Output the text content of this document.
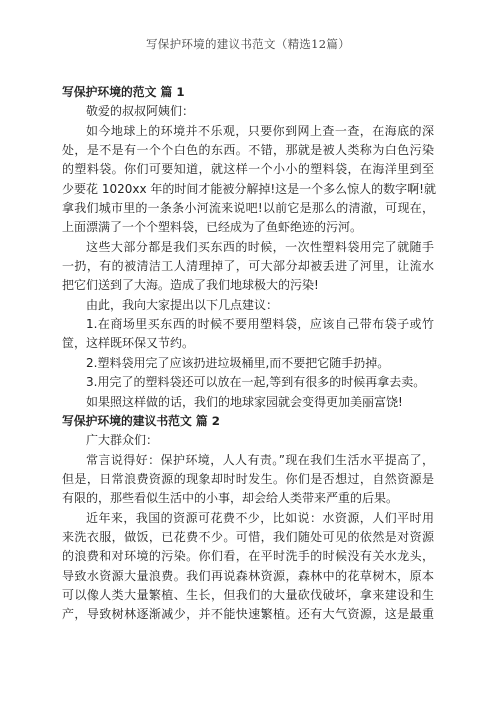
写保护环境的建议书范文（精选12篇）
写保护环境的范文 篇 1
敬爱的叔叔阿姨们：
如今地球上的环境并不乐观，只要你到网上查一查，在海底的深
处，是不是有一个个白色的东西。不错，那就是被人类称为白色污染
的塑料袋。你们可要知道，就这样一个小小的塑料袋，在海洋里到至
少要花 1020xx 年的时间才能被分解掉!这是一个多么惊人的数字啊!就
拿我们城市里的一条条小河流来说吧!以前它是那么的清澈，可现在，
上面漂满了一个个塑料袋，已经成为了鱼虾绝迹的污河。
这些大部分都是我们买东西的时候，一次性塑料袋用完了就随手
一扔，有的被清洁工人清理掉了，可大部分却被丢进了河里，让流水
把它们送到了大海。造成了我们地球极大的污染!
由此，我向大家提出以下几点建议：
1.在商场里买东西的时候不要用塑料袋，应该自己带布袋子或竹
筐，这样既环保又节约。
2.塑料袋用完了应该扔进垃圾桶里,而不要把它随手扔掉。
3.用完了的塑料袋还可以放在一起,等到有很多的时候再拿去卖。
如果照这样做的话，我们的地球家园就会变得更加美丽富饶!
写保护环境的建议书范文 篇 2
广大群众们：
常言说得好：保护环境，人人有责。”现在我们生活水平提高了，
但是，日常浪费资源的现象却时时发生。你们是否想过，自然资源是
有限的，那些看似生活中的小事，却会给人类带来严重的后果。
近年来，我国的资源可花费不少，比如说：水资源，人们平时用
来洗衣服，做饭，已花费不少。可惜，我们随处可见的依然是对资源
的浪费和对环境的污染。你们看，在平时洗手的时候没有关水龙头，
导致水资源大量浪费。我们再说森林资源，森林中的花草树木，原本
可以像人类大量繁植、生长，但我们的大量砍伐破坏，拿来建设和生
产，导致树林逐渐减少，并不能快速繁植。还有大气资源，这是最重
